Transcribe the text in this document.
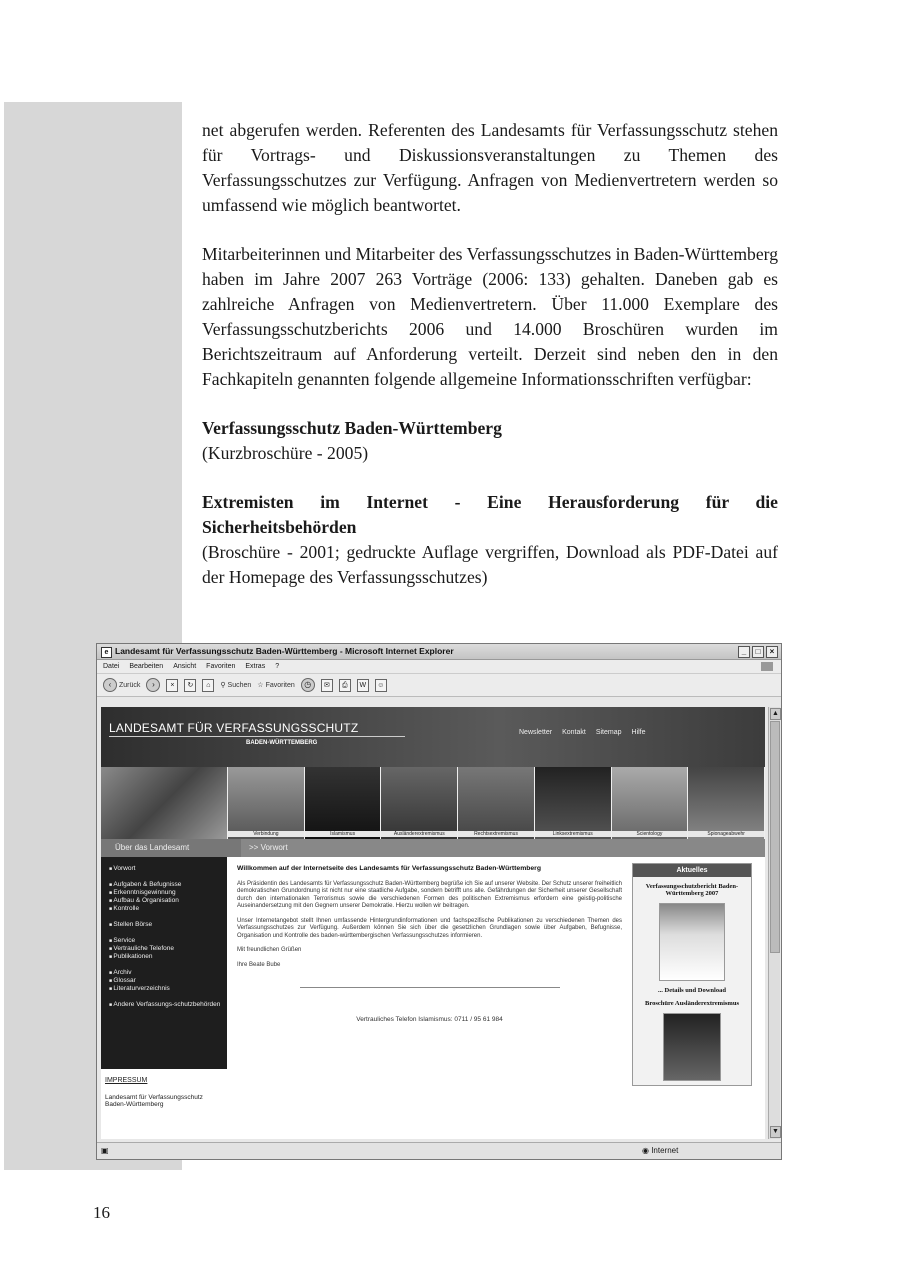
net abgerufen werden. Referenten des Landesamts für Verfassungsschutz stehen für Vortrags- und Diskussionsveranstaltungen zu Themen des Verfassungsschutzes zur Verfügung. Anfragen von Medienvertretern werden so umfassend wie möglich beantwortet.

Mitarbeiterinnen und Mitarbeiter des Verfassungsschutzes in Baden-Württemberg haben im Jahre 2007 263 Vorträge (2006: 133) gehalten. Daneben gab es zahlreiche Anfragen von Medienvertretern. Über 11.000 Exemplare des Verfassungsschutzberichts 2006 und 14.000 Broschüren wurden im Berichtszeitraum auf Anforderung verteilt. Derzeit sind neben den in den Fachkapiteln genannten folgende allgemeine Informationsschriften verfügbar:

Verfassungsschutz Baden-Württemberg
(Kurzbroschüre - 2005)
Extremisten im Internet - Eine Herausforderung für die Sicherheitsbehörden
(Broschüre - 2001; gedruckte Auflage vergriffen, Download als PDF-Datei auf der Homepage des Verfassungsschutzes)
e Landesamt für Verfassungsschutz Baden-Württemberg - Microsoft Internet Explorer	_	□	×
Datei Bearbeiten Ansicht Favoriten Extras ?
‹	Zurück	›	×	↻	⌂	⚲ Suchen ☆ Favoriten	◷	✉	⎙	W	☺
LANDESAMT FÜR VERFASSUNGSSCHUTZ
BADEN-WÜRTTEMBERG
Newsletter Kontakt Sitemap Hilfe
Verbindung	Islamismus	Ausländerextremismus	Rechtsextremismus	Linksextremismus	Scientology	Spionageabwehr
Über das Landesamt	>> Vorwort
■ Vorwort
■ Aufgaben & Befugnisse
■ Erkenntnisgewinnung
■ Aufbau & Organisation
■ Kontrolle
■ Stellen Börse
■ Service
■ Vertrauliche Telefone
■ Publikationen
■ Archiv
■ Glossar
■ Literaturverzeichnis
■ Andere Verfassungs-schutzbehörden
IMPRESSUM
Landesamt für Verfassungsschutz
Baden-Württemberg
Willkommen auf der Internetseite des Landesamts für Verfassungsschutz Baden-Württemberg

Als Präsidentin des Landesamts für Verfassungsschutz Baden-Württemberg begrüße ich Sie auf unserer Website. Der Schutz unserer freiheitlich demokratischen Grundordnung ist nicht nur eine staatliche Aufgabe, sondern betrifft uns alle. Gefährdungen der Sicherheit unserer Gesellschaft durch den internationalen Terrorismus sowie die verschiedenen Formen des politischen Extremismus erfordern eine geistig-politische Auseinandersetzung mit den Gegnern unserer Demokratie. Hierzu wollen wir beitragen.

Unser Internetangebot stellt Ihnen umfassende Hintergrundinformationen und fachspezifische Publikationen zu verschiedenen Themen des Verfassungsschutzes zur Verfügung. Außerdem können Sie sich über die gesetzlichen Grundlagen sowie über Aufgaben, Befugnisse, Organisation und Kontrolle des baden-württembergischen Verfassungsschutzes informieren.

Mit freundlichen Grüßen

Ihre Beate Bube

Vertrauliches Telefon Islamismus: 0711 / 95 61 984
Aktuelles
Verfassungsschutzbericht Baden-Württemberg 2007
... Details und Download
Broschüre Ausländerextremismus
▲
▼
▣	◉ Internet
16
